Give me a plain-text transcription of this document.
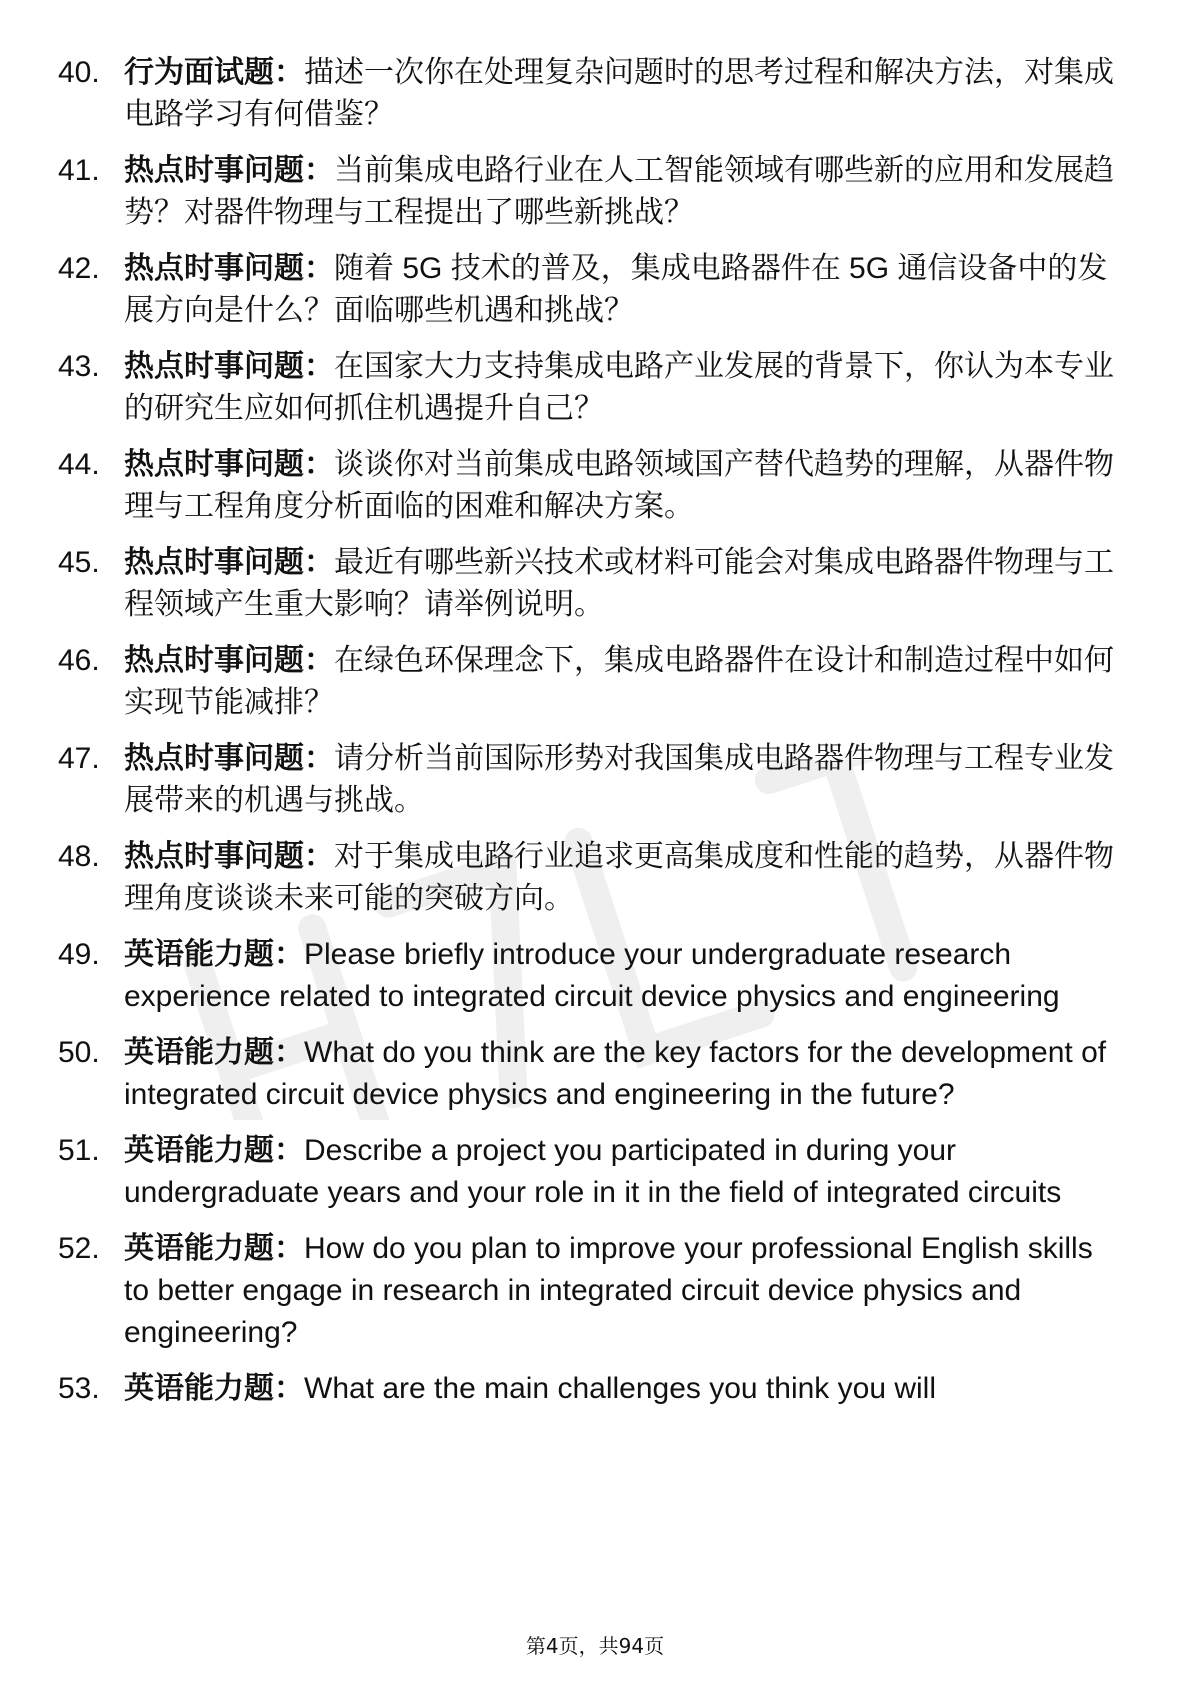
40. 行为面试题：描述一次你在处理复杂问题时的思考过程和解决方法，对集成电路学习有何借鉴？
41. 热点时事问题：当前集成电路行业在人工智能领域有哪些新的应用和发展趋势？对器件物理与工程提出了哪些新挑战？
42. 热点时事问题：随着 5G 技术的普及，集成电路器件在 5G 通信设备中的发展方向是什么？面临哪些机遇和挑战？
43. 热点时事问题：在国家大力支持集成电路产业发展的背景下，你认为本专业的研究生应如何抓住机遇提升自己？
44. 热点时事问题：谈谈你对当前集成电路领域国产替代趋势的理解，从器件物理与工程角度分析面临的困难和解决方案。
45. 热点时事问题：最近有哪些新兴技术或材料可能会对集成电路器件物理与工程领域产生重大影响？请举例说明。
46. 热点时事问题：在绿色环保理念下，集成电路器件在设计和制造过程中如何实现节能减排？
47. 热点时事问题：请分析当前国际形势对我国集成电路器件物理与工程专业发展带来的机遇与挑战。
48. 热点时事问题：对于集成电路行业追求更高集成度和性能的趋势，从器件物理角度谈谈未来可能的突破方向。
49. 英语能力题：Please briefly introduce your undergraduate research experience related to integrated circuit device physics and engineering
50. 英语能力题：What do you think are the key factors for the development of integrated circuit device physics and engineering in the future?
51. 英语能力题：Describe a project you participated in during your undergraduate years and your role in it in the field of integrated circuits
52. 英语能力题：How do you plan to improve your professional English skills to better engage in research in integrated circuit device physics and engineering?
53. 英语能力题：What are the main challenges you think you will
第4页，共94页
